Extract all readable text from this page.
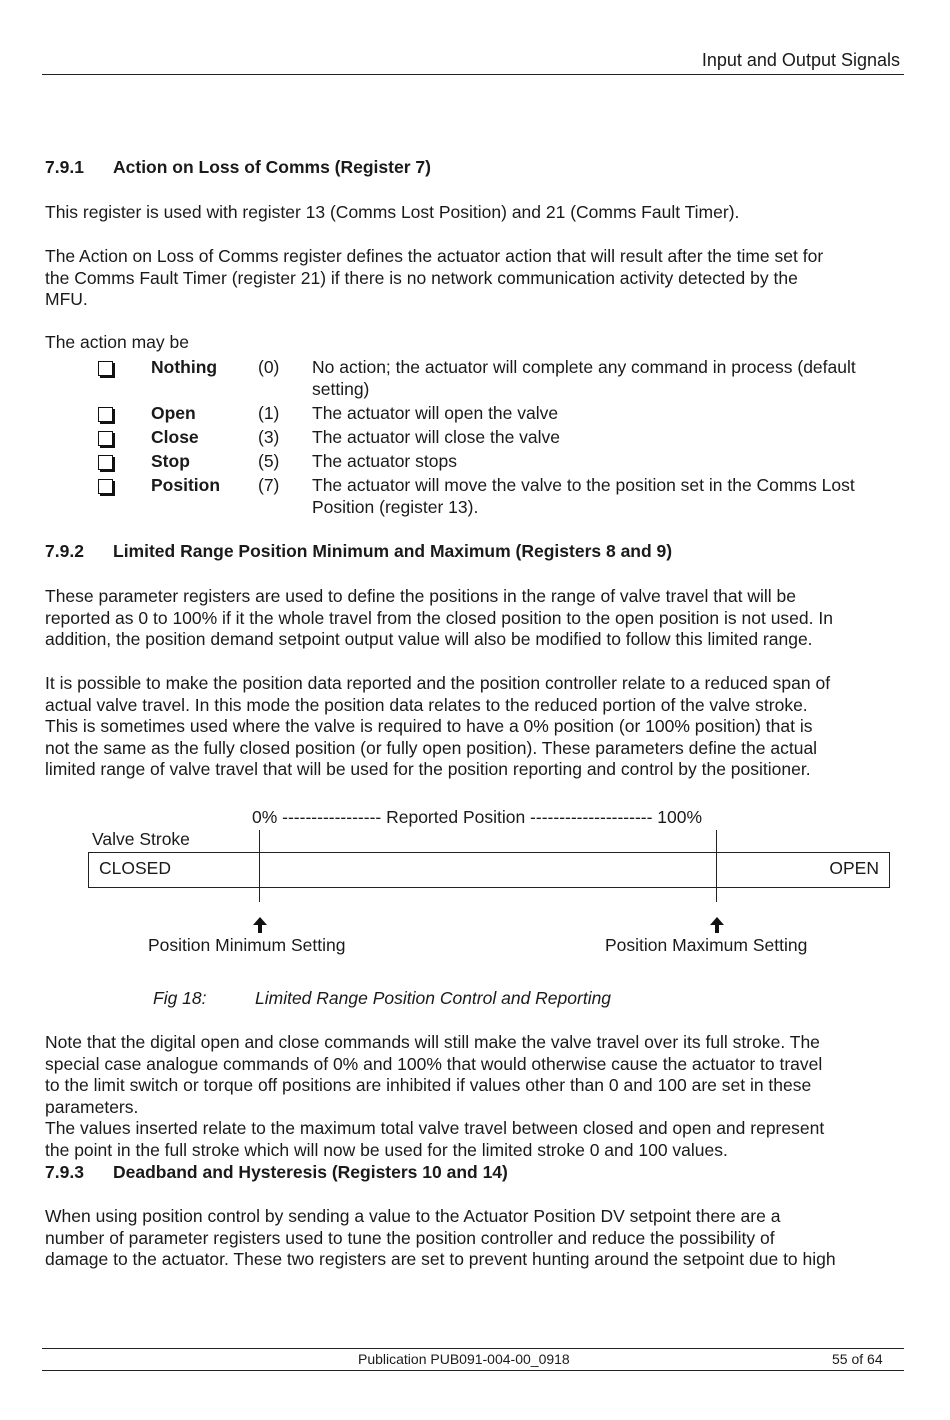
Input and Output Signals
7.9.1 Action on Loss of Comms (Register 7)
This register is used with register 13 (Comms Lost Position) and 21 (Comms Fault Timer).
The Action on Loss of Comms register defines the actuator action that will result after the time set for
the Comms Fault Timer (register 21) if there is no network communication activity detected by the
MFU.
The action may be
Nothing (0) No action; the actuator will complete any command in process (default
setting)
Open	(1) The actuator will open the valve
Close	(3) The actuator will close the valve
Stop	(5) The actuator stops
Position (7) The actuator will move the valve to the position set in the Comms Lost
Position (register 13).
7.9.2 Limited Range Position Minimum and Maximum (Registers 8 and 9)
These parameter registers are used to define the positions in the range of valve travel that will be
reported as 0 to 100% if it the whole travel from the closed position to the open position is not used. In
addition, the position demand setpoint output value will also be modified to follow this limited range.
It is possible to make the position data reported and the position controller relate to a reduced span of
actual valve travel. In this mode the position data relates to the reduced portion of the valve stroke.
This is sometimes used where the valve is required to have a 0% position (or 100% position) that is
not the same as the fully closed position (or fully open position). These parameters define the actual
limited range of valve travel that will be used for the position reporting and control by the positioner.
0% ----------------- Reported Position --------------------- 100%
Valve Stroke
CLOSED	OPEN
Position Minimum Setting	Position Maximum Setting
Fig 18:	Limited Range Position Control and Reporting
Note that the digital open and close commands will still make the valve travel over its full stroke. The
special case analogue commands of 0% and 100% that would otherwise cause the actuator to travel
to the limit switch or torque off positions are inhibited if values other than 0 and 100 are set in these
parameters.
The values inserted relate to the maximum total valve travel between closed and open and represent
the point in the full stroke which will now be used for the limited stroke 0 and 100 values.
7.9.3 Deadband and Hysteresis (Registers 10 and 14)
When using position control by sending a value to the Actuator Position DV setpoint there are a
number of parameter registers used to tune the position controller and reduce the possibility of
damage to the actuator. These two registers are set to prevent hunting around the setpoint due to high
Publication PUB091-004-00_0918	55 of 64
